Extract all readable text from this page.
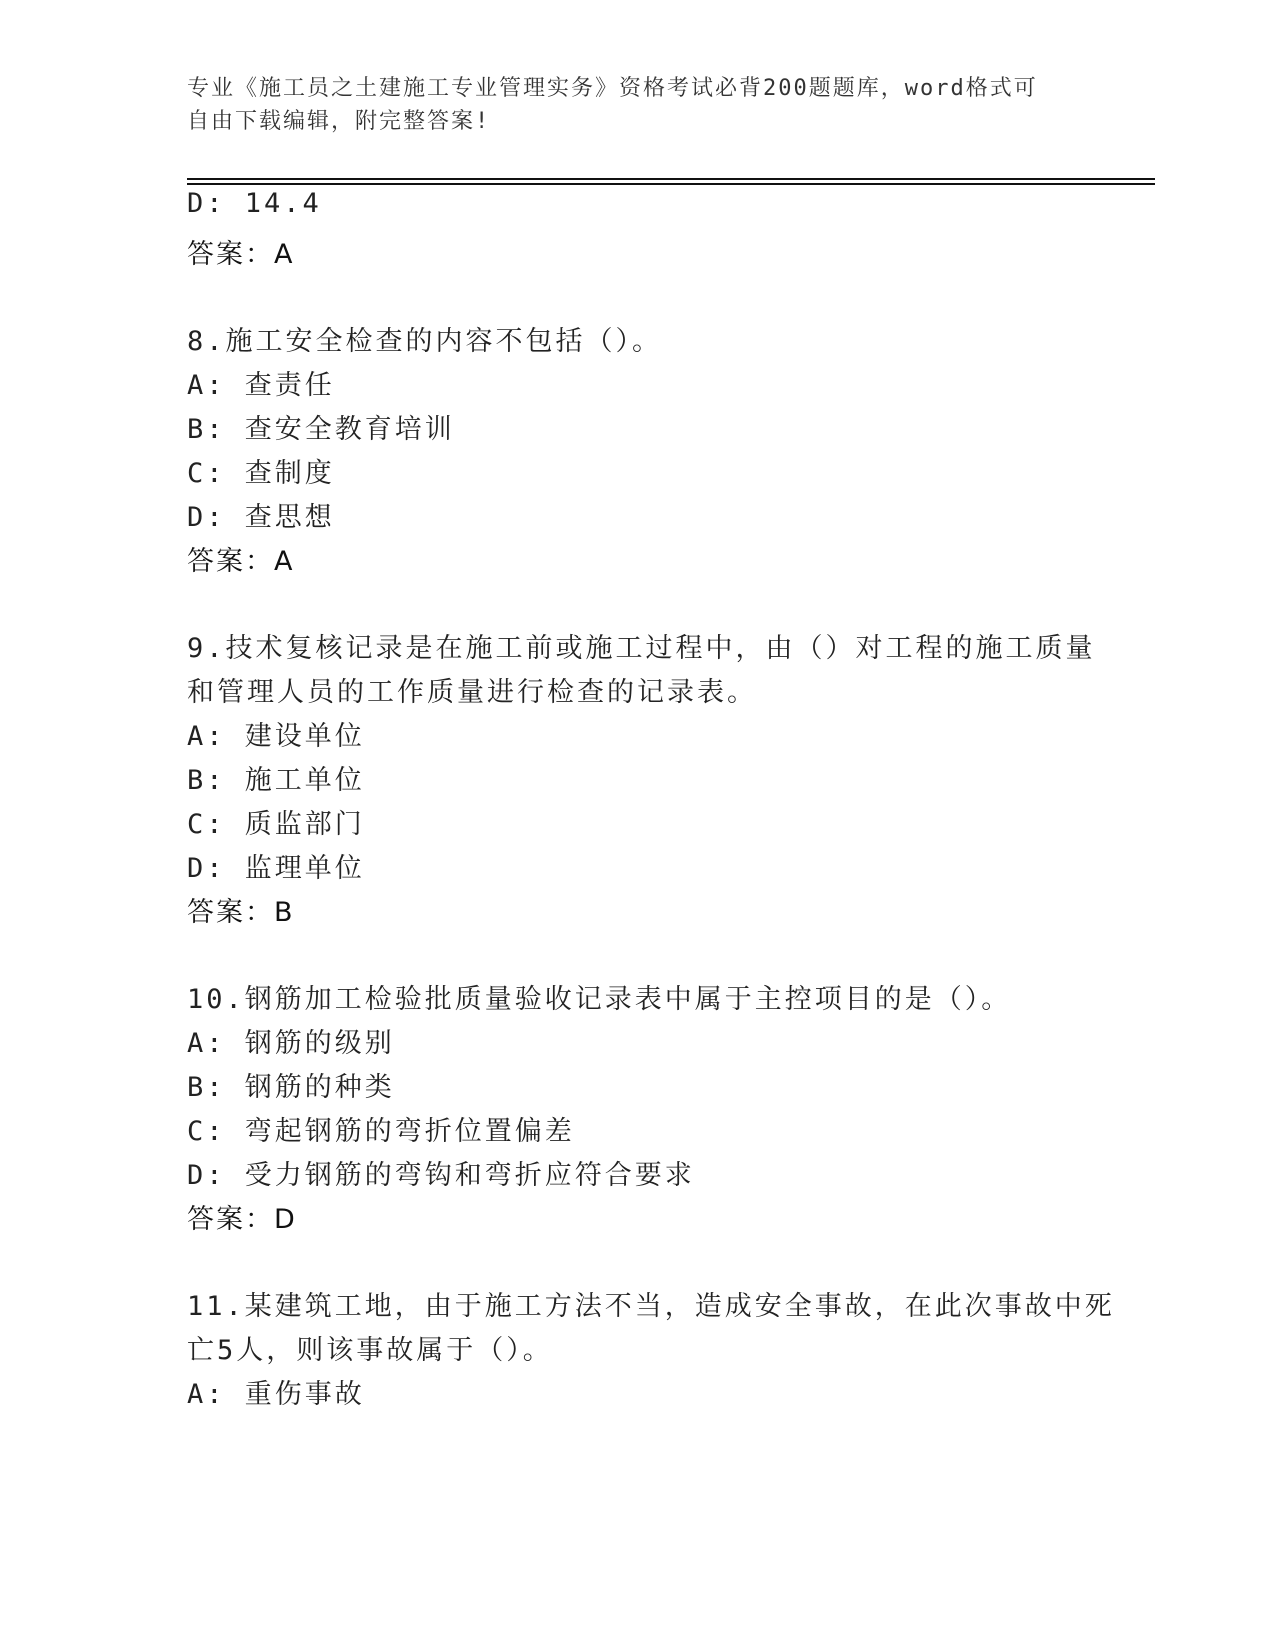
专业《施工员之土建施工专业管理实务》资格考试必背200题题库，word格式可
自由下载编辑，附完整答案!
D: 14.4
答案：A
8.施工安全检查的内容不包括（）。
A: 查责任
B: 查安全教育培训
C: 查制度
D: 查思想
答案：A
9.技术复核记录是在施工前或施工过程中，由（）对工程的施工质量
和管理人员的工作质量进行检查的记录表。
A: 建设单位
B: 施工单位
C: 质监部门
D: 监理单位
答案：B
10.钢筋加工检验批质量验收记录表中属于主控项目的是（）。
A: 钢筋的级别
B: 钢筋的种类
C: 弯起钢筋的弯折位置偏差
D: 受力钢筋的弯钩和弯折应符合要求
答案：D
11.某建筑工地，由于施工方法不当，造成安全事故，在此次事故中死
亡5人，则该事故属于（）。
A: 重伤事故
